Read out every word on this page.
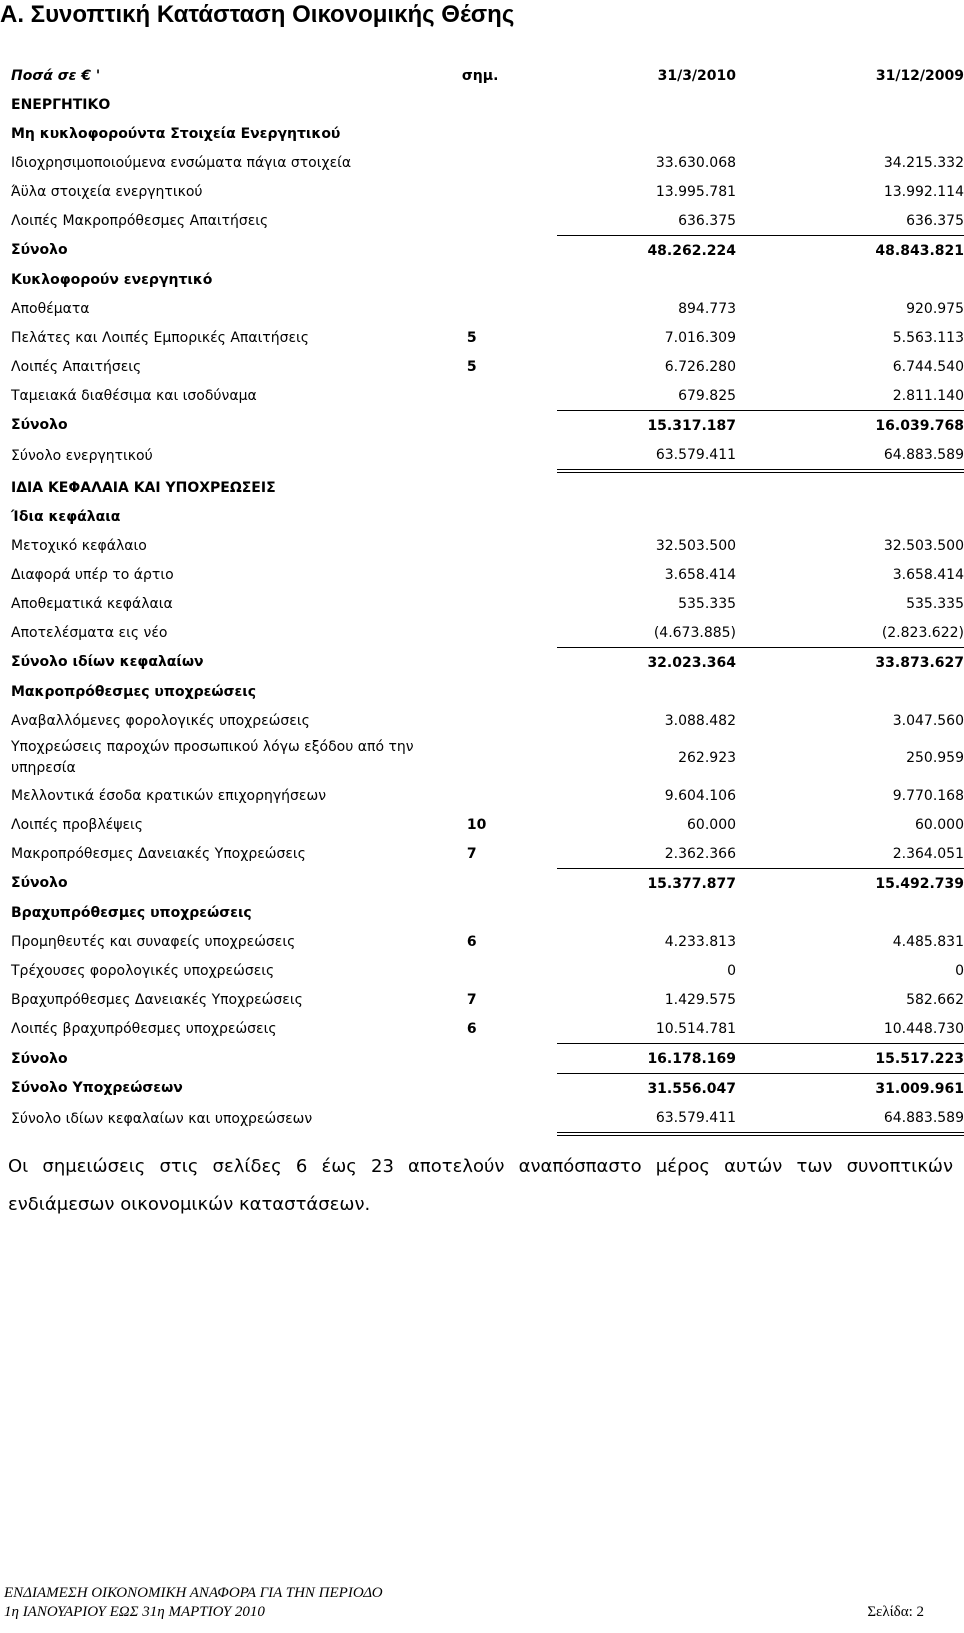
Α. Συνοπτική Κατάσταση Οικονομικής Θέσης
Ποσά σε € '	σημ.	31/3/2010	31/12/2009
ΕΝΕΡΓΗΤΙΚΟ			
Μη κυκλοφορούντα Στοιχεία Ενεργητικού			
Ιδιοχρησιμοποιούμενα ενσώματα πάγια στοιχεία		33.630.068	34.215.332
Άϋλα στοιχεία ενεργητικού		13.995.781	13.992.114
Λοιπές Μακροπρόθεσμες Απαιτήσεις		636.375	636.375
Σύνολο		48.262.224	48.843.821
Κυκλοφορούν ενεργητικό			
Αποθέματα		894.773	920.975
Πελάτες και Λοιπές Εμπορικές Απαιτήσεις	5	7.016.309	5.563.113
Λοιπές Απαιτήσεις	5	6.726.280	6.744.540
Ταμειακά διαθέσιμα και ισοδύναμα		679.825	2.811.140
Σύνολο		15.317.187	16.039.768
Σύνολο ενεργητικού		63.579.411	64.883.589
ΙΔΙΑ ΚΕΦΑΛΑΙΑ ΚΑΙ ΥΠΟΧΡΕΩΣΕΙΣ			
Ίδια κεφάλαια			
Μετοχικό κεφάλαιο		32.503.500	32.503.500
Διαφορά υπέρ το άρτιο		3.658.414	3.658.414
Αποθεματικά κεφάλαια		535.335	535.335
Αποτελέσματα εις νέο		(4.673.885)	(2.823.622)
Σύνολο ιδίων κεφαλαίων		32.023.364	33.873.627
Μακροπρόθεσμες υποχρεώσεις			
Αναβαλλόμενες φορολογικές υποχρεώσεις		3.088.482	3.047.560
Υποχρεώσεις παροχών προσωπικού λόγω εξόδου από την υπηρεσία		262.923	250.959
Μελλοντικά έσοδα κρατικών επιχορηγήσεων		9.604.106	9.770.168
Λοιπές προβλέψεις	10	60.000	60.000
Μακροπρόθεσμες Δανειακές Υποχρεώσεις	7	2.362.366	2.364.051
Σύνολο		15.377.877	15.492.739
Βραχυπρόθεσμες υποχρεώσεις			
Προμηθευτές και συναφείς υποχρεώσεις	6	4.233.813	4.485.831
Τρέχουσες φορολογικές υποχρεώσεις		0	0
Βραχυπρόθεσμες Δανειακές Υποχρεώσεις	7	1.429.575	582.662
Λοιπές βραχυπρόθεσμες υποχρεώσεις	6	10.514.781	10.448.730
Σύνολο		16.178.169	15.517.223
Σύνολο Υποχρεώσεων		31.556.047	31.009.961
Σύνολο ιδίων κεφαλαίων και υποχρεώσεων		63.579.411	64.883.589

Οι σημειώσεις στις σελίδες 6 έως 23 αποτελούν αναπόσπαστο μέρος αυτών των συνοπτικών ενδιάμεσων οικονομικών καταστάσεων.

ΕΝΔΙΑΜΕΣΗ ΟΙΚΟΝΟΜΙΚΗ ΑΝΑΦΟΡΑ ΓΙΑ ΤΗΝ ΠΕΡΙΟΔΟ
1η ΙΑΝΟΥΑΡΙΟΥ ΕΩΣ 31η ΜΑΡΤΙΟΥ 2010	Σελίδα: 2
